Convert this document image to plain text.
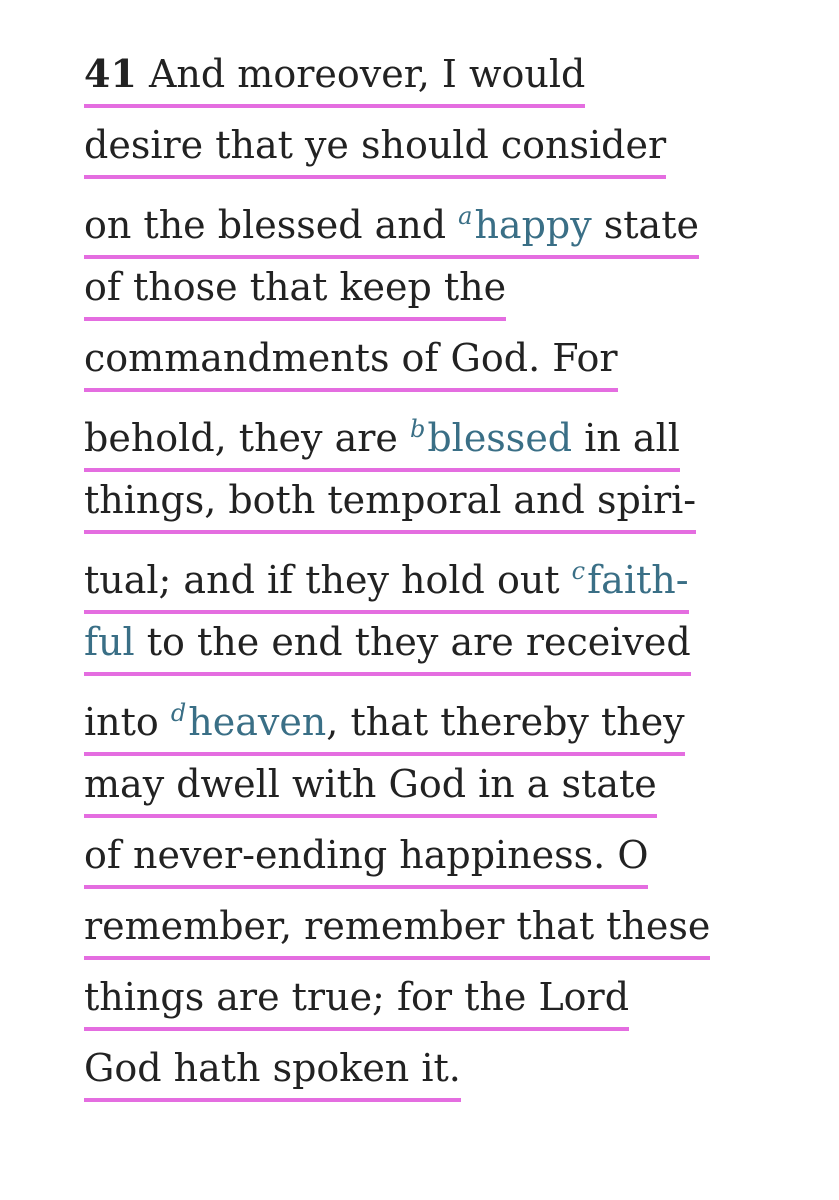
41 And moreover, I would
desire that ye should consider
on the blessed and $^a$happy state
of those that keep the
commandments of God. For
behold, they are $^b$blessed in all
things, both temporal and spiri-
tual; and if they hold out $^c$faith-
ful to the end they are received
into $^d$heaven, that thereby they
may dwell with God in a state
of never-ending happiness. O
remember, remember that these
things are true; for the Lord
God hath spoken it.
